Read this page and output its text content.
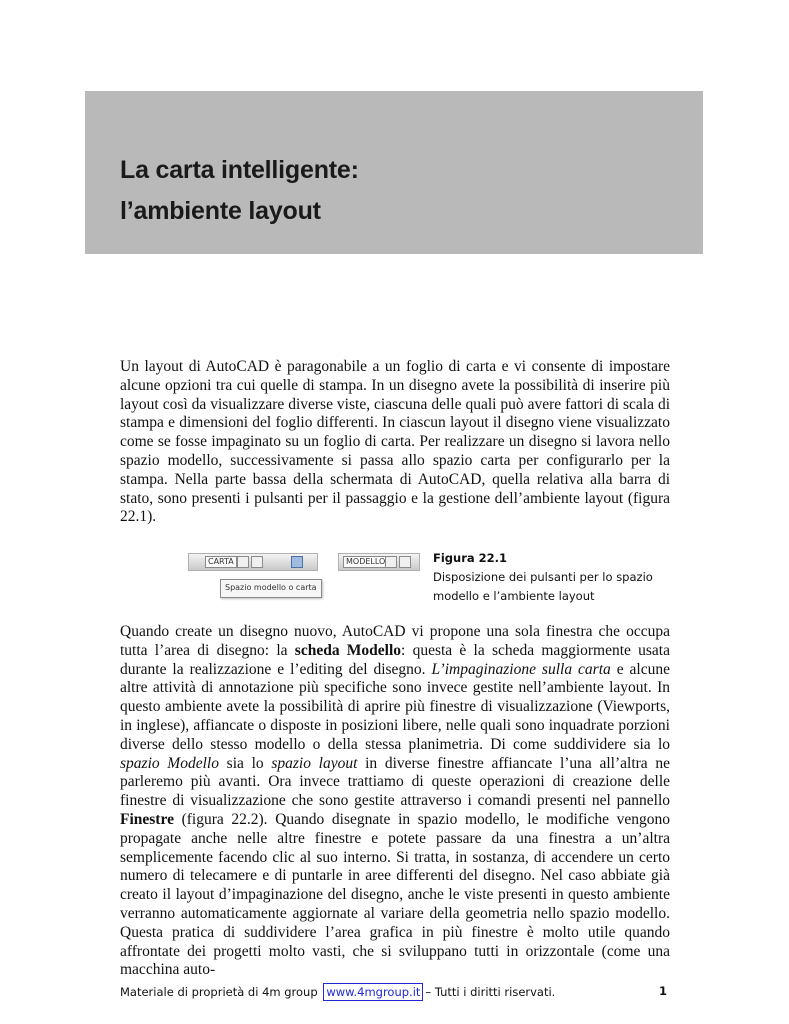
La carta intelligente:
l’ambiente layout

Un layout di AutoCAD è paragonabile a un foglio di carta e vi consente di impostare alcune opzioni tra cui quelle di stampa. In un disegno avete la possibilità di inserire più layout così da visualizzare diverse viste, ciascuna delle quali può avere fattori di scala di stampa e dimensioni del foglio differenti. In ciascun layout il disegno viene visualizzato come se fosse impaginato su un foglio di carta. Per realizzare un disegno si lavora nello spazio modello, successivamente si passa allo spazio carta per configurarlo per la stampa. Nella parte bassa della schermata di AutoCAD, quella relativa alla barra di stato, sono presenti i pulsanti per il passaggio e la gestione dell’ambiente layout (figura 22.1).

CARTA	MODELLO
Spazio modello o carta
Figura 22.1
Disposizione dei pulsanti per lo spazio modello e l’ambiente layout

Quando create un disegno nuovo, AutoCAD vi propone una sola finestra che occupa tutta l’area di disegno: la scheda Modello: questa è la scheda maggiormente usata durante la realizzazione e l’editing del disegno. L’impaginazione sulla carta e alcune altre attività di annotazione più specifiche sono invece gestite nell’ambiente layout. In questo ambiente avete la possibilità di aprire più finestre di visualizzazione (Viewports, in inglese), affiancate o disposte in posizioni libere, nelle quali sono inquadrate porzioni diverse dello stesso modello o della stessa planimetria. Di come suddividere sia lo spazio Modello sia lo spazio layout in diverse finestre affiancate l’una all’altra ne parleremo più avanti. Ora invece trattiamo di queste operazioni di creazione delle finestre di visualizzazione che sono gestite attraverso i comandi presenti nel pannello Finestre (figura 22.2). Quando disegnate in spazio modello, le modifiche vengono propagate anche nelle altre finestre e potete passare da una finestra a un’altra semplicemente facendo clic al suo interno. Si tratta, in sostanza, di accendere un certo numero di telecamere e di puntarle in aree differenti del disegno. Nel caso abbiate già creato il layout d’impaginazione del disegno, anche le viste presenti in questo ambiente verranno automaticamente aggiornate al variare della geometria nello spazio modello. Questa pratica di suddividere l’area grafica in più finestre è molto utile quando affrontate dei progetti molto vasti, che si sviluppano tutti in orizzontale (come una macchina auto-

Materiale di proprietà di 4m group www.4mgroup.it – Tutti i diritti riservati.	1
